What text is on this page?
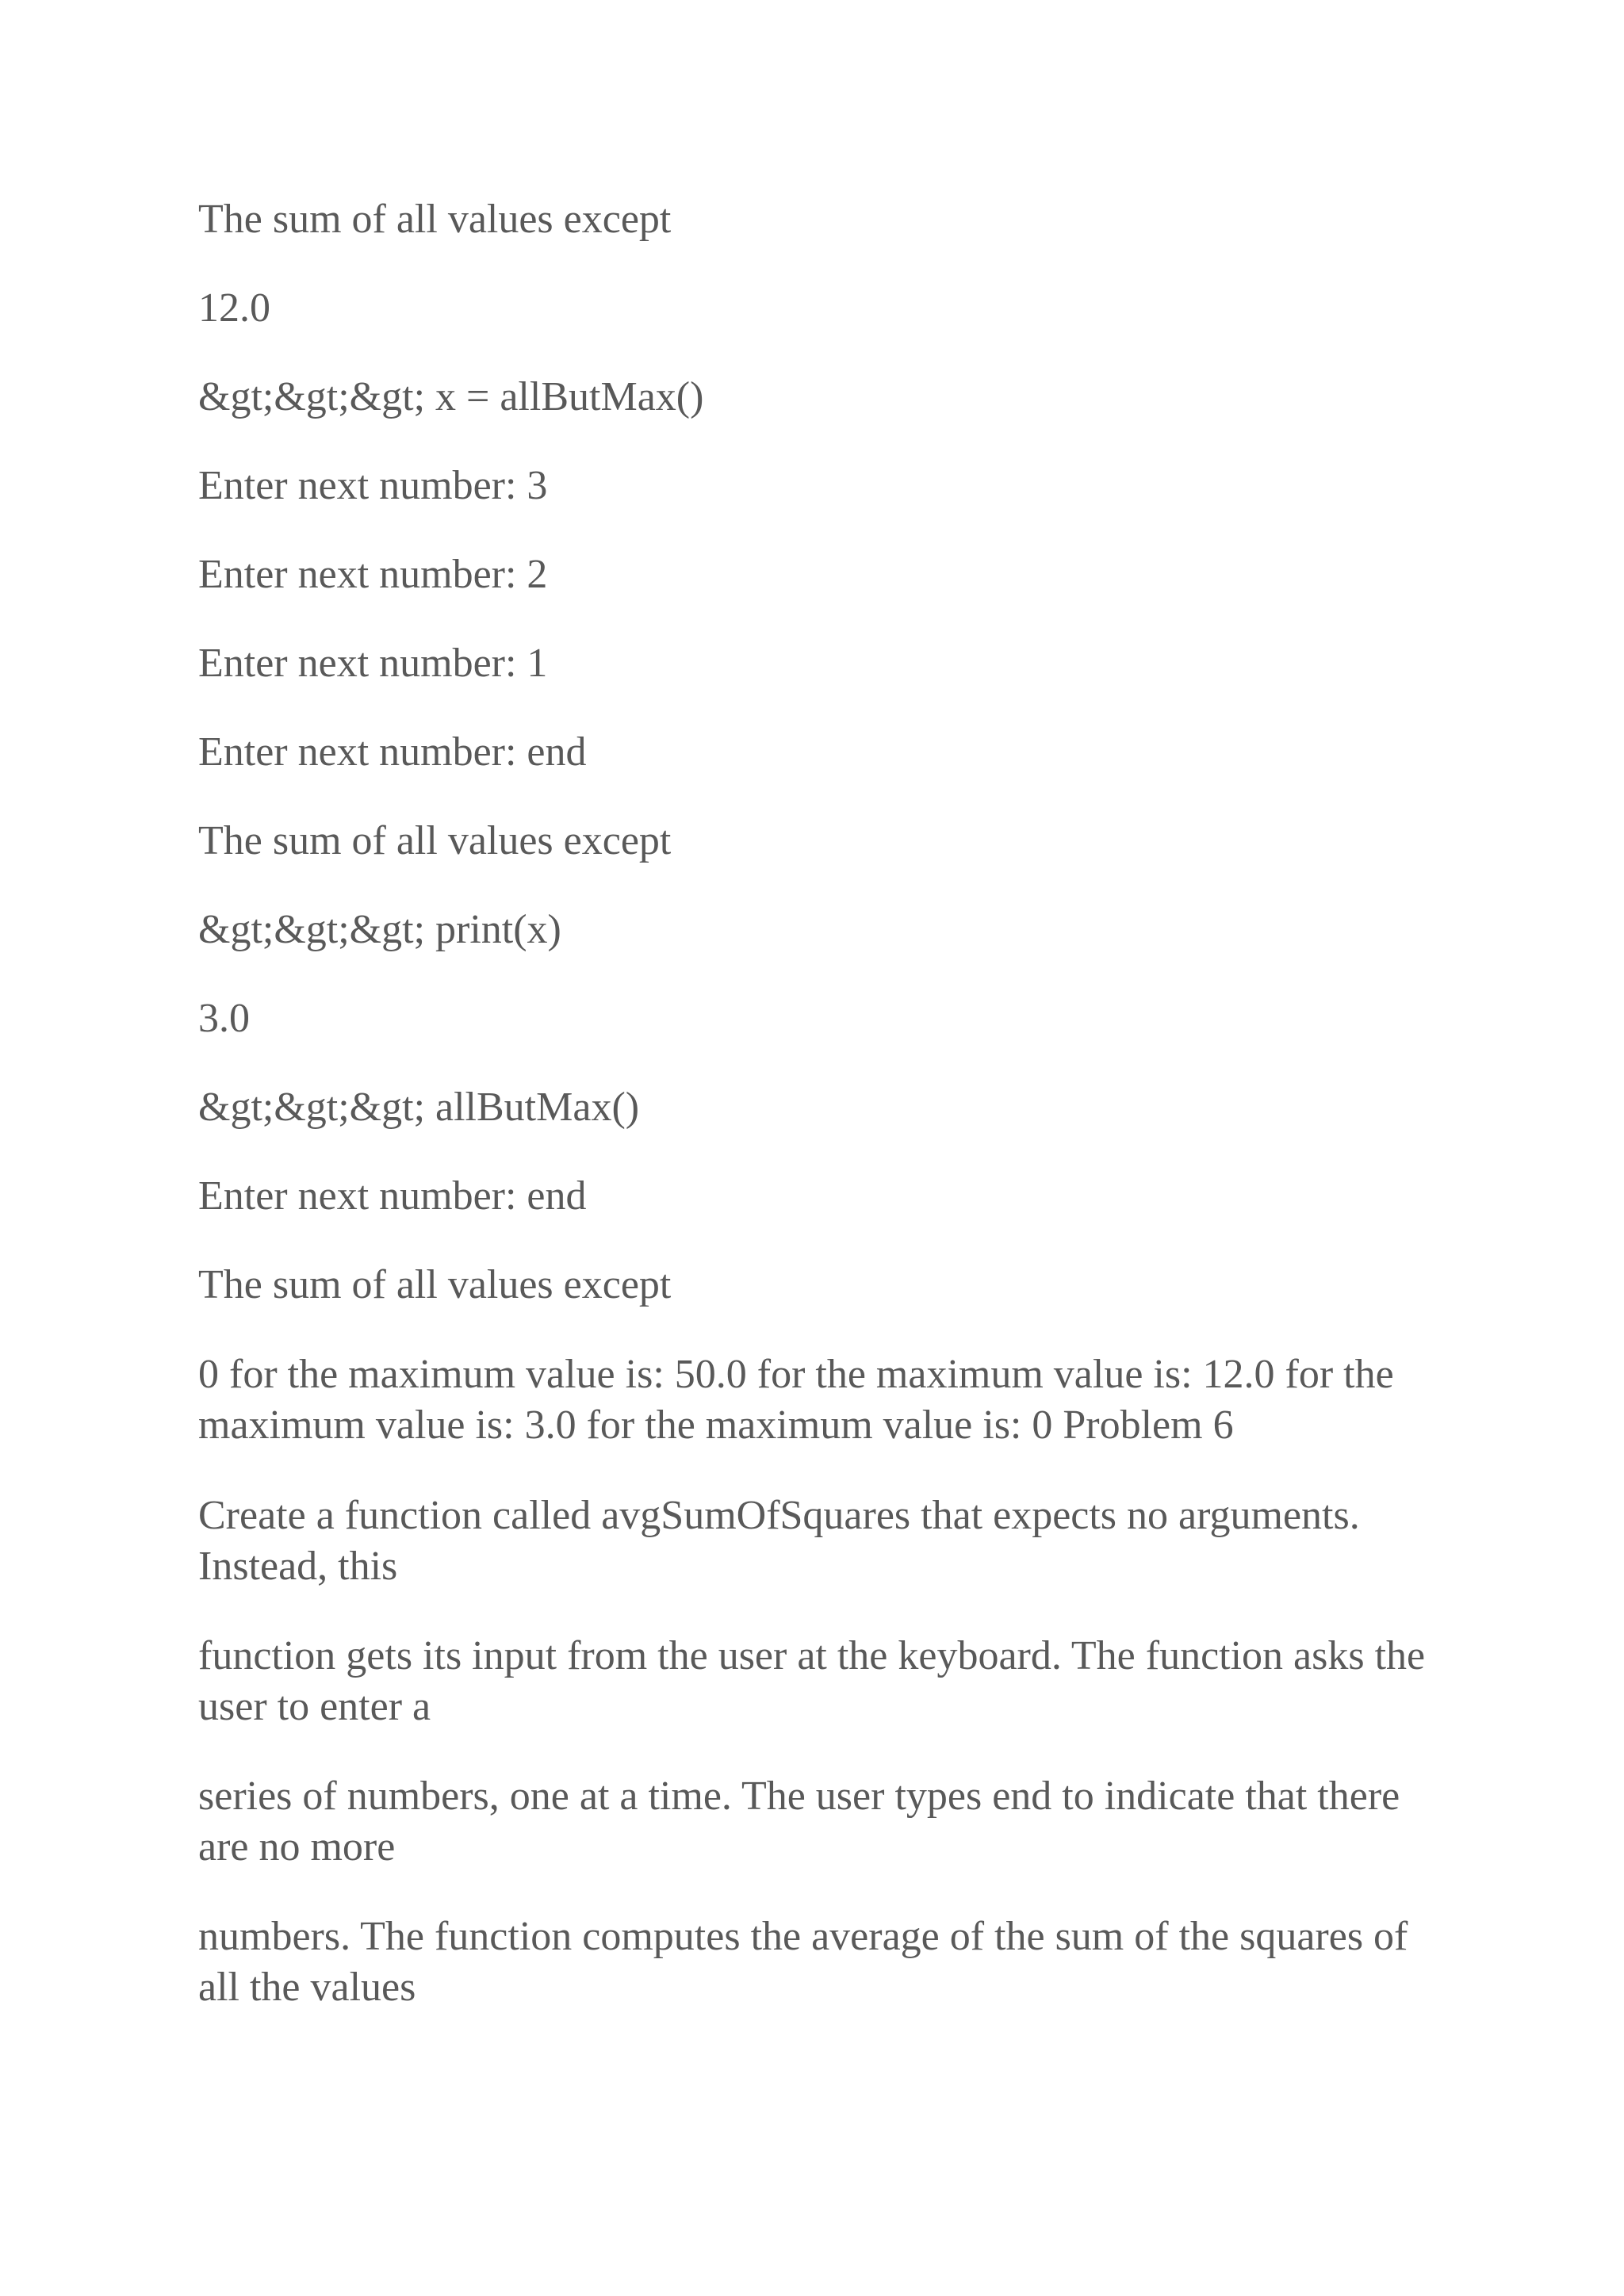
The sum of all values except

12.0

&gt;&gt;&gt; x = allButMax()

Enter next number: 3

Enter next number: 2

Enter next number: 1

Enter next number: end

The sum of all values except

&gt;&gt;&gt; print(x)

3.0

&gt;&gt;&gt; allButMax()

Enter next number: end

The sum of all values except

0 for the maximum value is: 50.0 for the maximum value is: 12.0 for the maximum value is: 3.0 for the maximum value is: 0 Problem 6

Create a function called avgSumOfSquares that expects no arguments. Instead, this

function gets its input from the user at the keyboard. The function asks the user to enter a

series of numbers, one at a time. The user types end to indicate that there are no more

numbers. The function computes the average of the sum of the squares of all the values
